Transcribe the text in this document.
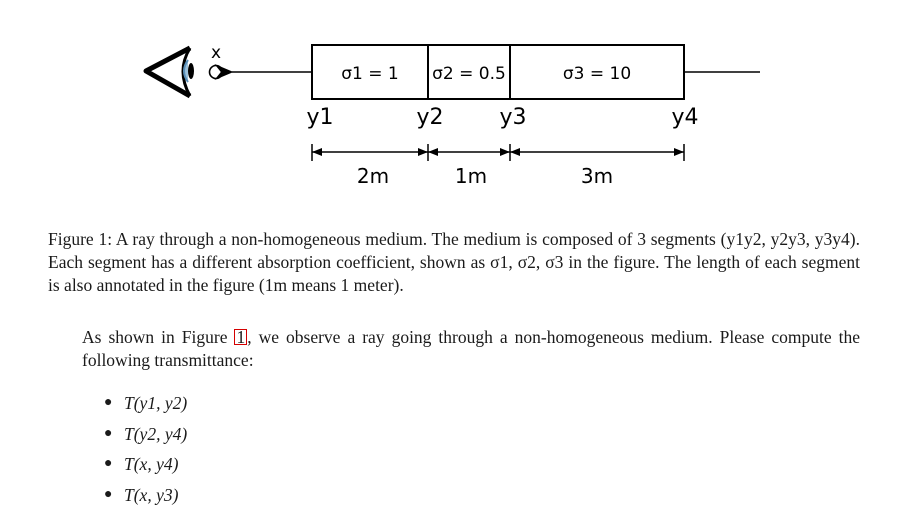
x
σ1 = 1 σ2 = 0.5	σ3 = 10
y1	y2	y3	y4
2m	1m	3m
Figure 1: A ray through a non-homogeneous medium. The medium is composed of 3 segments (y1y2, y2y3, y3y4). Each segment has a different absorption coefficient, shown as σ1, σ2, σ3 in the figure. The length of each segment is also annotated in the figure (1m means 1 meter).
As shown in Figure 1 , we observe a ray going through a non-homogeneous medium. Please compute the following transmittance:
● T(y1, y2)
● T(y2, y4)
● T(x, y4)
● T(x, y3)
